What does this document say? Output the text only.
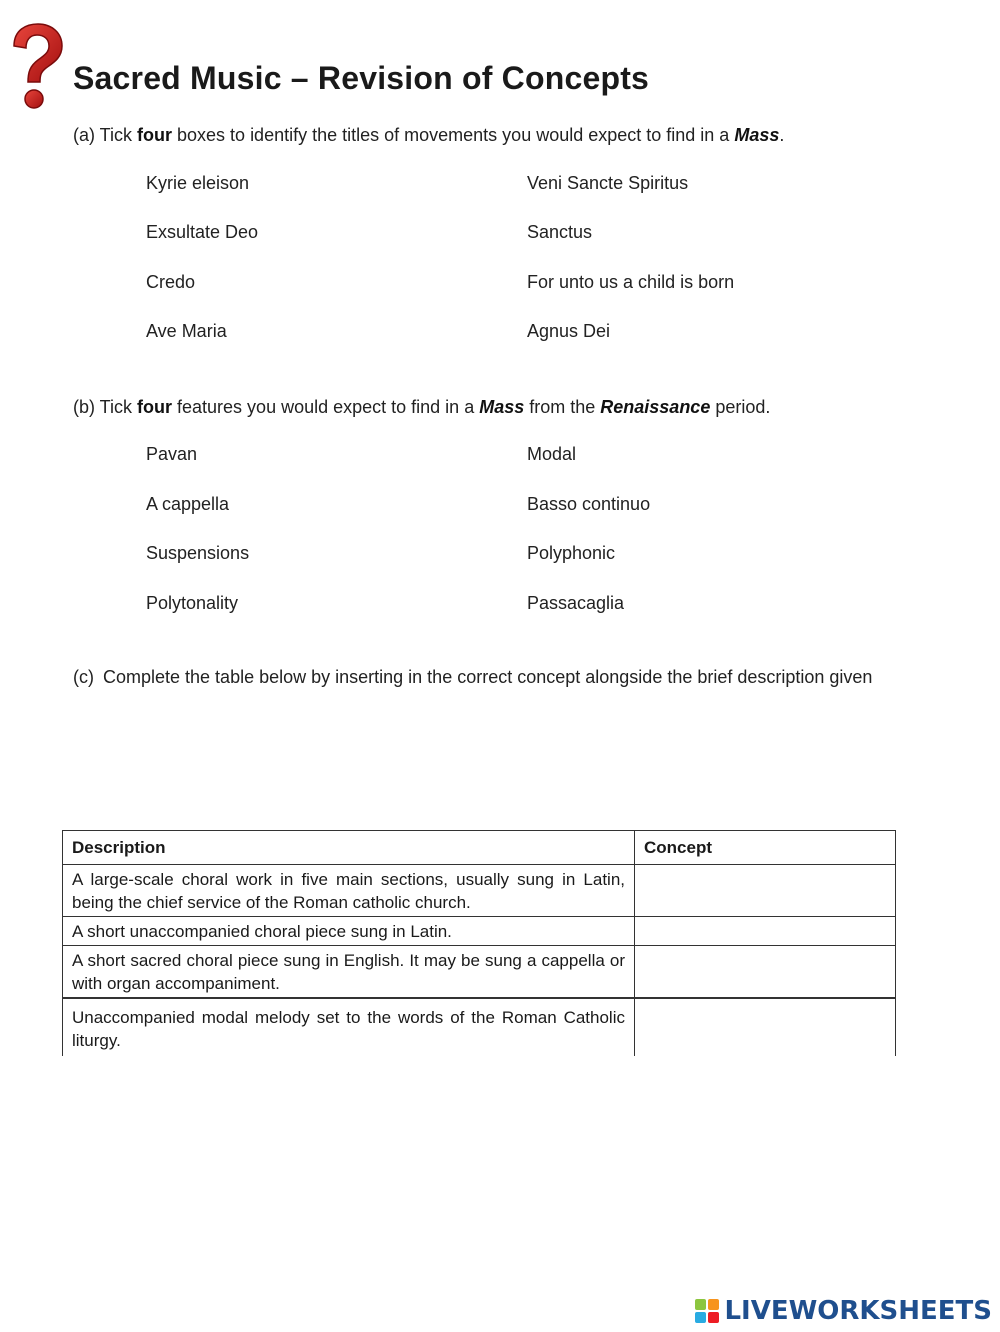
Sacred Music – Revision of Concepts

(a) Tick four boxes to identify the titles of movements you would expect to find in a Mass.

Kyrie eleison

Exsultate Deo

Credo

Ave Maria

Veni Sancte Spiritus

Sanctus

For unto us a child is born

Agnus Dei

(b) Tick four features you would expect to find in a Mass from the Renaissance period.

Pavan

A cappella

Suspensions

Polytonality

Modal

Basso continuo

Polyphonic

Passacaglia

(c) Complete the table below by inserting in the correct concept alongside the brief description given
Description	Concept
A large-scale choral work in five main sections, usually sung in Latin, being the chief service of the Roman catholic church.	
A short unaccompanied choral piece sung in Latin.	
A short sacred choral piece sung in English. It may be sung a cappella or with organ accompaniment.	
Unaccompanied modal melody set to the words of the Roman Catholic liturgy.	
LIVEWORKSHEETS
